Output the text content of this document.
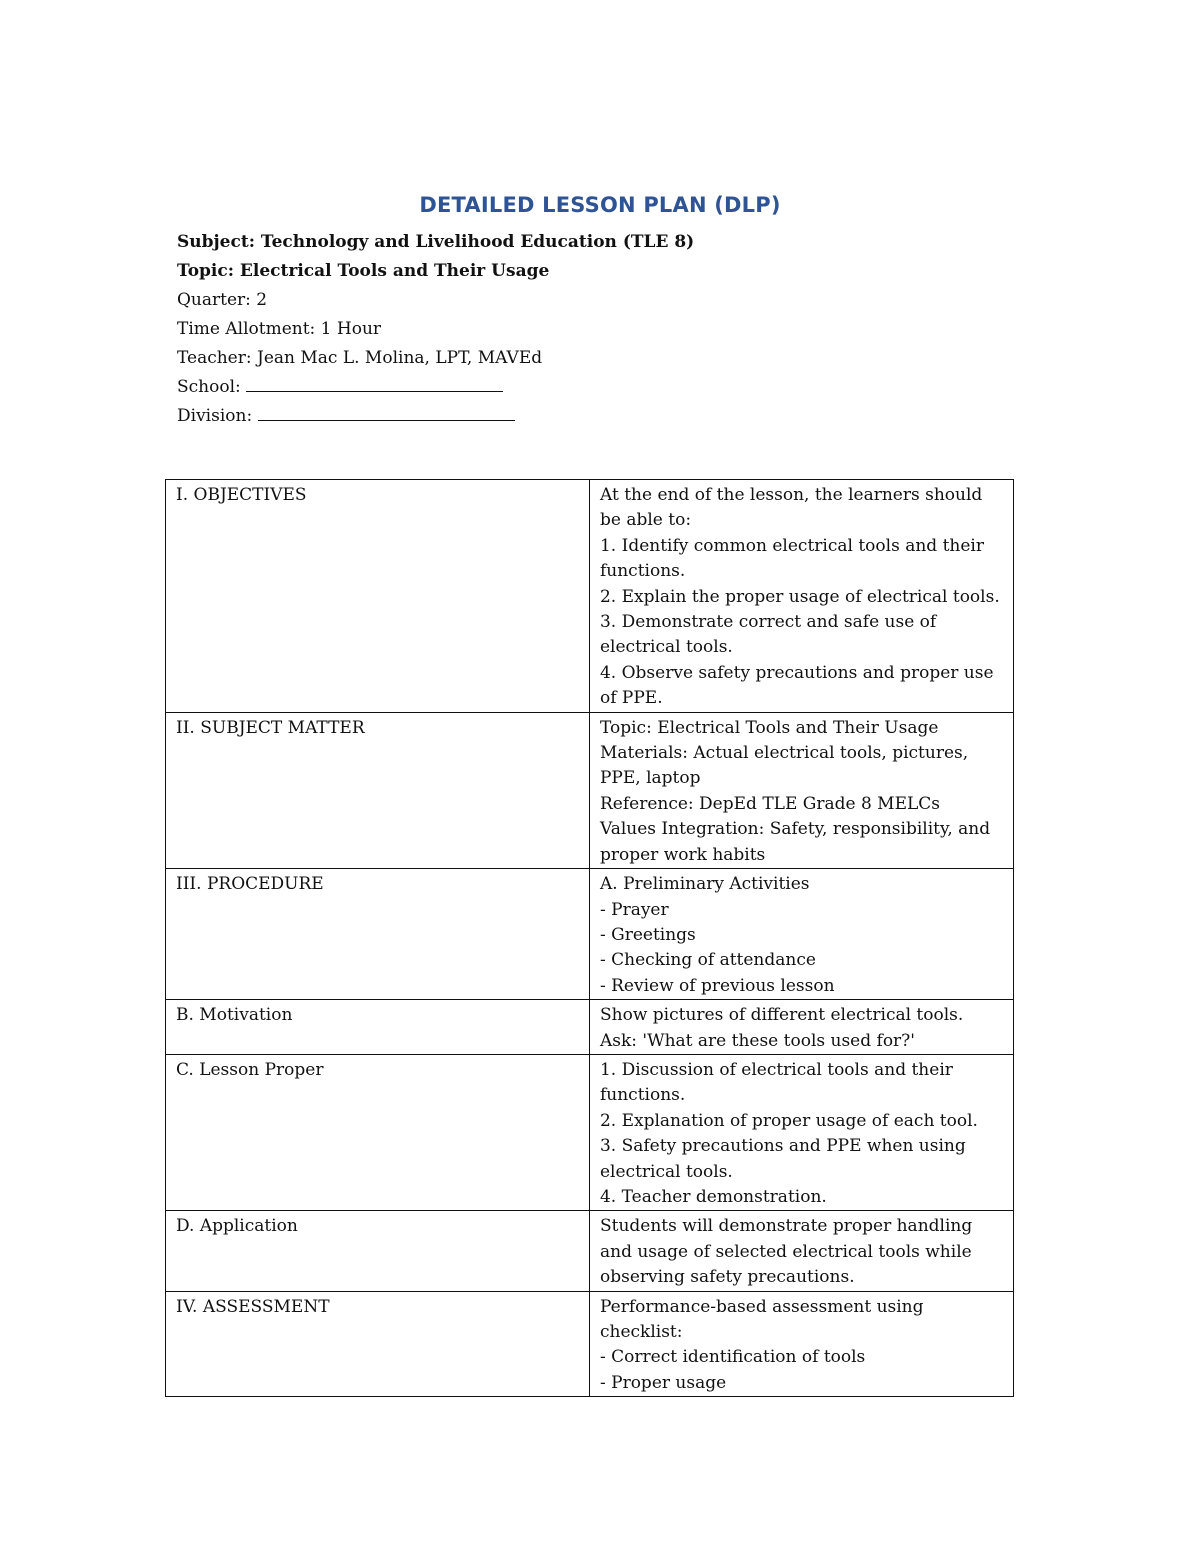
DETAILED LESSON PLAN (DLP)
Subject: Technology and Livelihood Education (TLE 8)
Topic: Electrical Tools and Their Usage
Quarter: 2
Time Allotment: 1 Hour
Teacher: Jean Mac L. Molina, LPT, MAVEd
School:
Division:
I. OBJECTIVES	At the end of the lesson, the learners should be able to:
1. Identify common electrical tools and their functions.
2. Explain the proper usage of electrical tools.
3. Demonstrate correct and safe use of electrical tools.
4. Observe safety precautions and proper use of PPE.

II. SUBJECT MATTER	Topic: Electrical Tools and Their Usage
Materials: Actual electrical tools, pictures, PPE, laptop
Reference: DepEd TLE Grade 8 MELCs
Values Integration: Safety, responsibility, and proper work habits

III. PROCEDURE	A. Preliminary Activities
- Prayer
- Greetings
- Checking of attendance
- Review of previous lesson

B. Motivation	Show pictures of different electrical tools.
Ask: 'What are these tools used for?'

C. Lesson Proper	1. Discussion of electrical tools and their functions.
2. Explanation of proper usage of each tool.
3. Safety precautions and PPE when using electrical tools.
4. Teacher demonstration.

D. Application	Students will demonstrate proper handling and usage of selected electrical tools while observing safety precautions.

IV. ASSESSMENT	Performance-based assessment using checklist:
- Correct identification of tools
- Proper usage
